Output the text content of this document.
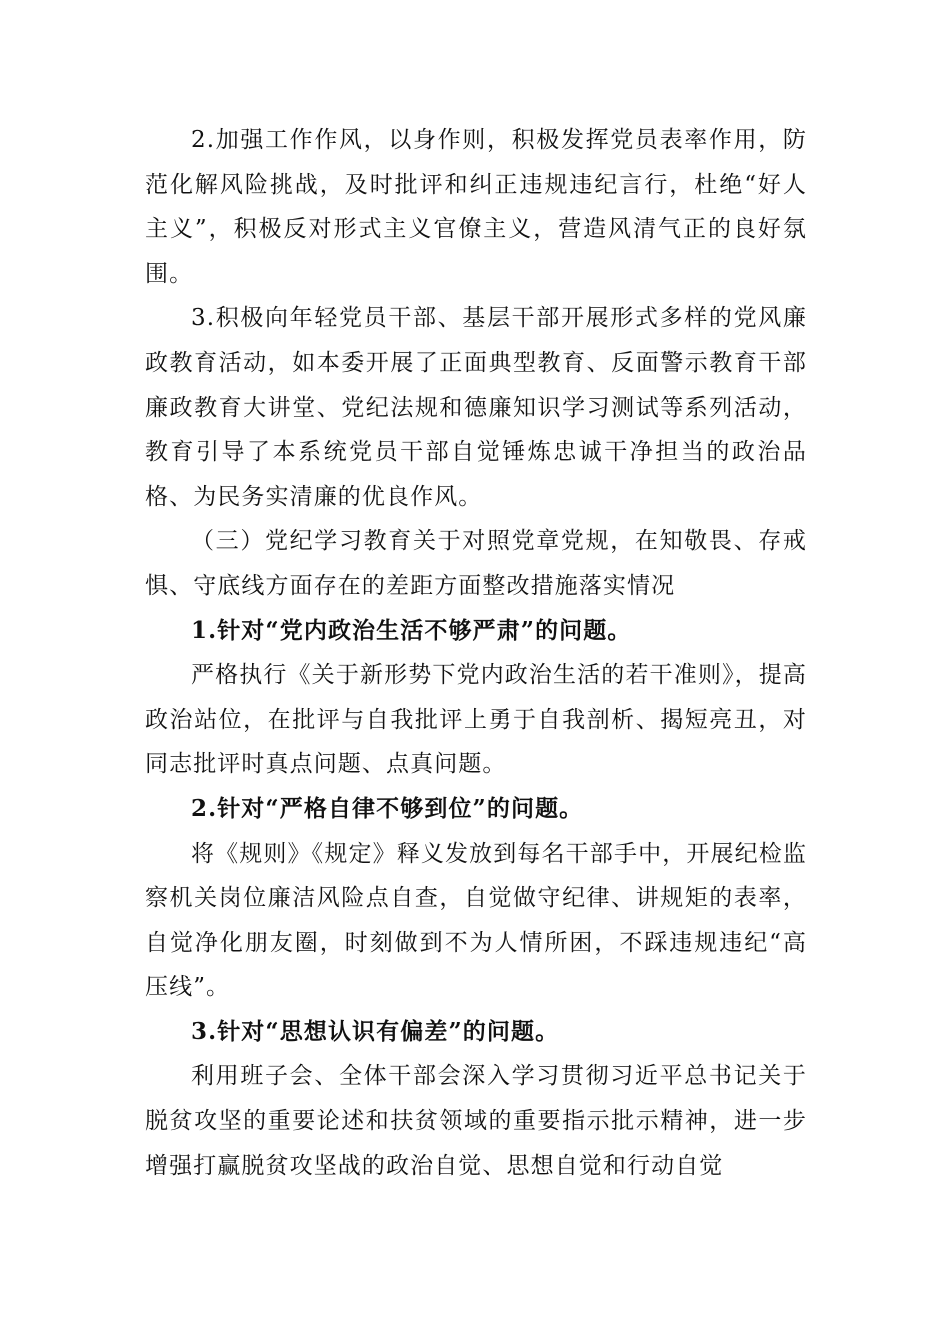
2.加强工作作风，以身作则，积极发挥党员表率作用，防范化解风险挑战，及时批评和纠正违规违纪言行，杜绝“好人主义”，积极反对形式主义官僚主义，营造风清气正的良好氛围。

3.积极向年轻党员干部、基层干部开展形式多样的党风廉政教育活动，如本委开展了正面典型教育、反面警示教育干部廉政教育大讲堂、党纪法规和德廉知识学习测试等系列活动，教育引导了本系统党员干部自觉锤炼忠诚干净担当的政治品格、为民务实清廉的优良作风。

（三）党纪学习教育关于对照党章党规，在知敬畏、存戒惧、守底线方面存在的差距方面整改措施落实情况

1.针对“党内政治生活不够严肃”的问题。

严格执行《关于新形势下党内政治生活的若干准则》，提高政治站位，在批评与自我批评上勇于自我剖析、揭短亮丑，对同志批评时真点问题、点真问题。

2.针对“严格自律不够到位”的问题。

将《规则》《规定》释义发放到每名干部手中，开展纪检监察机关岗位廉洁风险点自查，自觉做守纪律、讲规矩的表率，自觉净化朋友圈，时刻做到不为人情所困，不踩违规违纪“高压线”。

3.针对“思想认识有偏差”的问题。

利用班子会、全体干部会深入学习贯彻习近平总书记关于脱贫攻坚的重要论述和扶贫领域的重要指示批示精神，进一步增强打赢脱贫攻坚战的政治自觉、思想自觉和行动自觉
